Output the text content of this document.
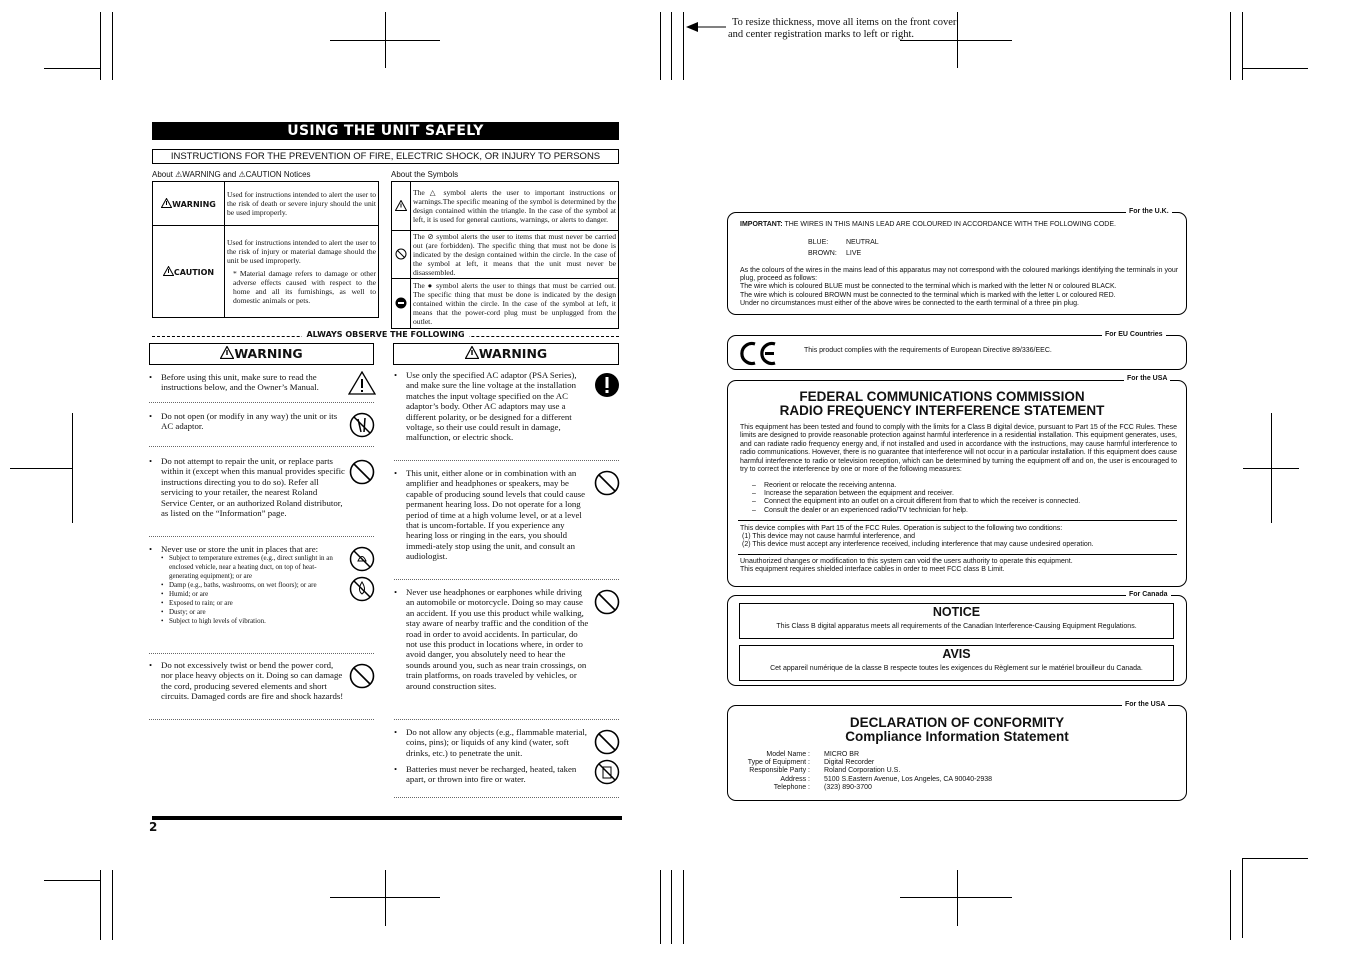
To resize thickness, move all items on the front cover
and center registration marks to left or right.
USING THE UNIT SAFELY
INSTRUCTIONS FOR THE PREVENTION OF FIRE, ELECTRIC SHOCK, OR INJURY TO PERSONS
About ⚠WARNING and ⚠CAUTION Notices	About the Symbols
WARNING	Used for instructions intended to alert the user to the risk of death or severe injury should the unit be used improperly.
CAUTION	Used for instructions intended to alert the user to the risk of injury or material damage should the unit be used improperly.
* Material damage refers to damage or other adverse effects caused with respect to the home and all its furnishings, as well to domestic animals or pets.
	The △ symbol alerts the user to important instructions or warnings.The specific meaning of the symbol is determined by the design contained within the triangle. In the case of the symbol at left, it is used for general cautions, warnings, or alerts to danger.
	The ⊘ symbol alerts the user to items that must never be carried out (are forbidden). The specific thing that must not be done is indicated by the design contained within the circle. In the case of the symbol at left, it means that the unit must never be disassembled.
	The ● symbol alerts the user to things that must be carried out. The specific thing that must be done is indicated by the design contained within the circle. In the case of the symbol at left, it means that the power-cord plug must be unplugged from the outlet.
ALWAYS OBSERVE THE FOLLOWING
WARNING	WARNING
• Before using this unit, make sure to read the instructions below, and the Owner’s Manual.
• Do not open (or modify in any way) the unit or its AC adaptor.
• Do not attempt to repair the unit, or replace parts within it (except when this manual provides specific instructions directing you to do so). Refer all servicing to your retailer, the nearest Roland Service Center, or an authorized Roland distributor, as listed on the “Information” page.
• Never use or store the unit in places that are:
• Subject to temperature extremes (e.g., direct sunlight in an enclosed vehicle, near a heating duct, on top of heat-generating equipment); or are
• Damp (e.g., baths, washrooms, on wet floors); or are
• Humid; or are
• Exposed to rain; or are
• Dusty; or are
• Subject to high levels of vibration.
• Do not excessively twist or bend the power cord, nor place heavy objects on it. Doing so can damage the cord, producing severed elements and short circuits. Damaged cords are fire and shock hazards!
• Use only the specified AC adaptor (PSA Series), and make sure the line voltage at the installation matches the input voltage specified on the AC adaptor’s body. Other AC adaptors may use a different polarity, or be designed for a different voltage, so their use could result in damage, malfunction, or electric shock.
• This unit, either alone or in combination with an amplifier and headphones or speakers, may be capable of producing sound levels that could cause permanent hearing loss. Do not operate for a long period of time at a high volume level, or at a level that is uncom-fortable. If you experience any hearing loss or ringing in the ears, you should immedi-ately stop using the unit, and consult an audiologist.
• Never use headphones or earphones while driving an automobile or motorcycle. Doing so may cause an accident. If you use this product while walking, stay aware of nearby traffic and the condition of the road in order to avoid accidents. In particular, do not use this product in locations where, in order to avoid danger, you absolutely need to hear the sounds around you, such as near train crossings, on train platforms, on roads traveled by vehicles, or around construction sites.
• Do not allow any objects (e.g., flammable material, coins, pins); or liquids of any kind (water, soft drinks, etc.) to penetrate the unit.
• Batteries must never be recharged, heated, taken apart, or thrown into fire or water.
2
For the U.K.
IMPORTANT: THE WIRES IN THIS MAINS LEAD ARE COLOURED IN ACCORDANCE WITH THE FOLLOWING CODE.
BLUE:	NEUTRAL
BROWN: LIVE
As the colours of the wires in the mains lead of this apparatus may not correspond with the coloured markings identifying the terminals in your plug, proceed as follows:
The wire which is coloured BLUE must be connected to the terminal which is marked with the letter N or coloured BLACK.
The wire which is coloured BROWN must be connected to the terminal which is marked with the letter L or coloured RED.
Under no circumstances must either of the above wires be connected to the earth terminal of a three pin plug.
For EU Countries
This product complies with the requirements of European Directive 89/336/EEC.
For the USA
FEDERAL COMMUNICATIONS COMMISSION
RADIO FREQUENCY INTERFERENCE STATEMENT
This equipment has been tested and found to comply with the limits for a Class B digital device, pursuant to Part 15 of the FCC Rules. These limits are designed to provide reasonable protection against harmful interference in a residential installation. This equipment generates, uses, and can radiate radio frequency energy and, if not installed and used in accordance with the instructions, may cause harmful interference to radio communications. However, there is no guarantee that interference will not occur in a particular installation. If this equipment does cause harmful interference to radio or television reception, which can be determined by turning the equipment off and on, the user is encouraged to try to correct the interference by one or more of the following measures:
– Reorient or relocate the receiving antenna.
– Increase the separation between the equipment and receiver.
– Connect the equipment into an outlet on a circuit different from that to which the receiver is connected.
– Consult the dealer or an experienced radio/TV technician for help.
This device complies with Part 15 of the FCC Rules. Operation is subject to the following two conditions:
(1) This device may not cause harmful interference, and
(2) This device must accept any interference received, including interference that may cause undesired operation.
Unauthorized changes or modification to this system can void the users authority to operate this equipment.
This equipment requires shielded interface cables in order to meet FCC class B Limit.
For Canada
NOTICE
This Class B digital apparatus meets all requirements of the Canadian Interference-Causing Equipment Regulations.
AVIS
Cet appareil numérique de la classe B respecte toutes les exigences du Règlement sur le matériel brouilleur du Canada.
For the USA
DECLARATION OF CONFORMITY
Compliance Information Statement
Model Name : MICRO BR
Type of Equipment : Digital Recorder
Responsible Party : Roland Corporation U.S.
Address : 5100 S.Eastern Avenue, Los Angeles, CA 90040-2938
Telephone : (323) 890-3700
